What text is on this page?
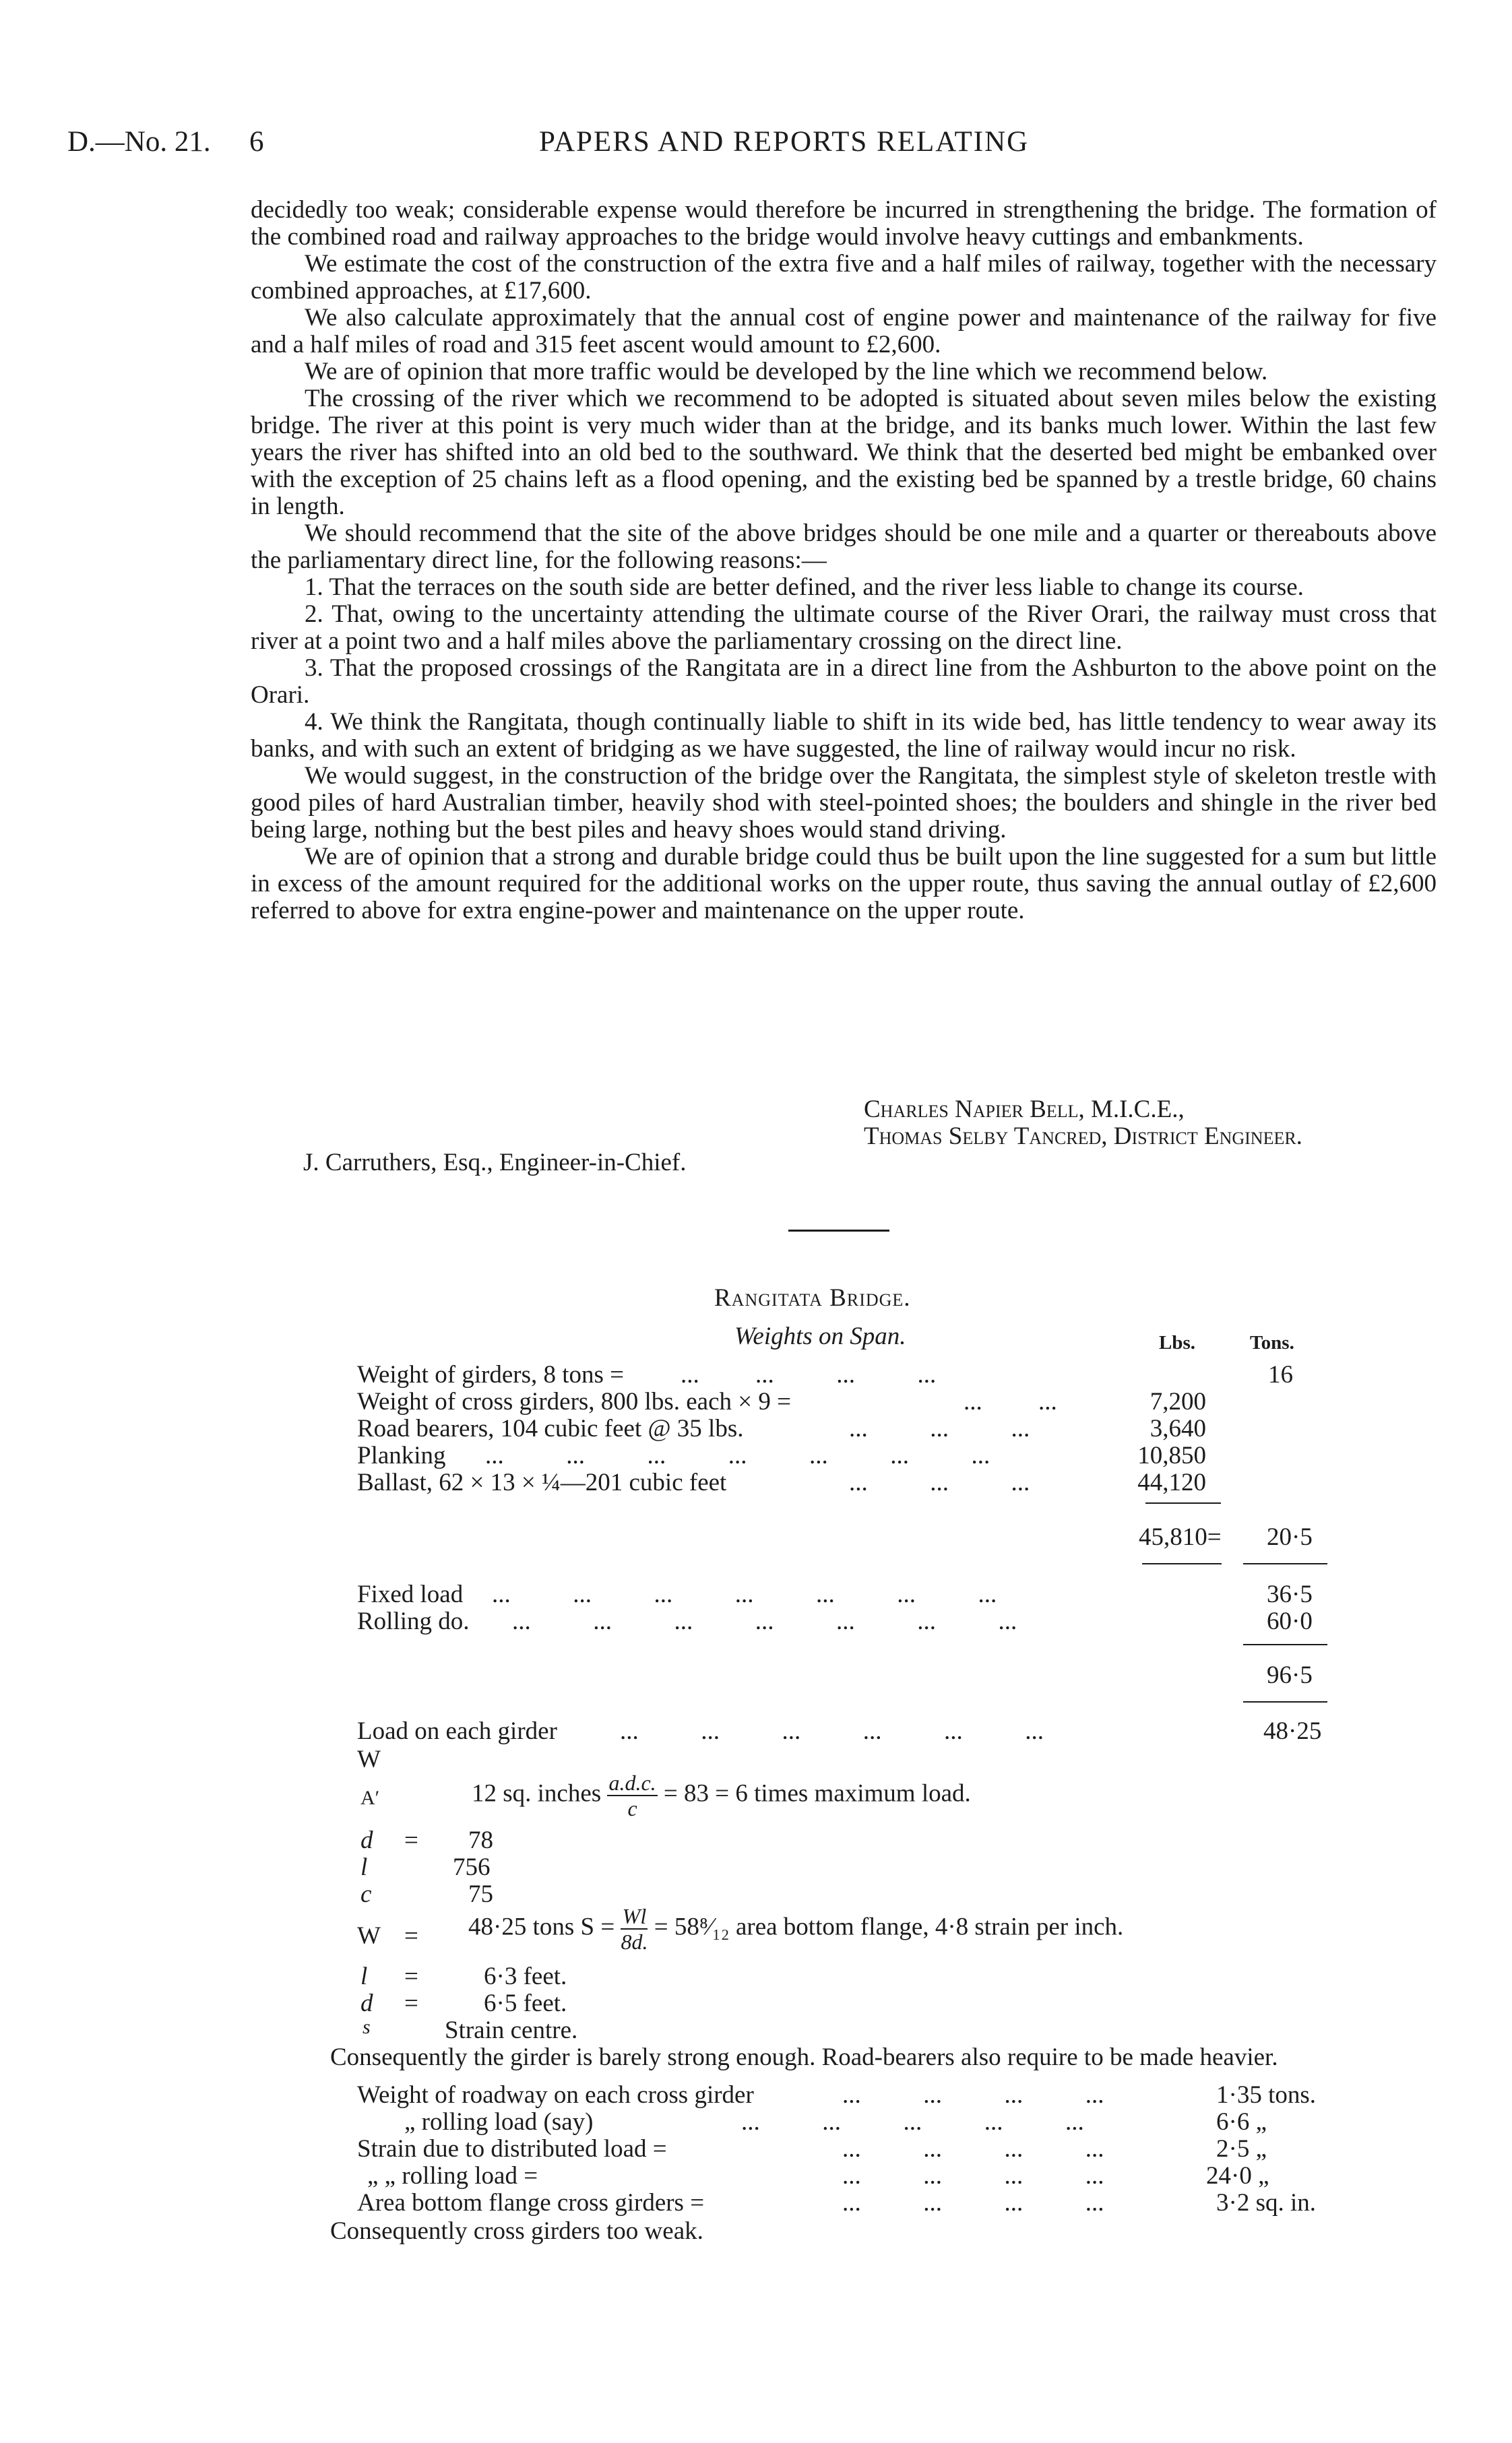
D.—No. 21. 6	PAPERS AND REPORTS RELATING

decidedly too weak; considerable expense would therefore be incurred in strengthening the bridge. The formation of the combined road and railway approaches to the bridge would involve heavy cuttings and embankments.

We estimate the cost of the construction of the extra five and a half miles of railway, together with the necessary combined approaches, at £17,600.

We also calculate approximately that the annual cost of engine power and maintenance of the railway for five and a half miles of road and 315 feet ascent would amount to £2,600.

We are of opinion that more traffic would be developed by the line which we recommend below.

The crossing of the river which we recommend to be adopted is situated about seven miles below the existing bridge. The river at this point is very much wider than at the bridge, and its banks much lower. Within the last few years the river has shifted into an old bed to the southward. We think that the deserted bed might be embanked over with the exception of 25 chains left as a flood opening, and the existing bed be spanned by a trestle bridge, 60 chains in length.

We should recommend that the site of the above bridges should be one mile and a quarter or thereabouts above the parliamentary direct line, for the following reasons:—

1. That the terraces on the south side are better defined, and the river less liable to change its course.

2. That, owing to the uncertainty attending the ultimate course of the River Orari, the railway must cross that river at a point two and a half miles above the parliamentary crossing on the direct line.

3. That the proposed crossings of the Rangitata are in a direct line from the Ashburton to the above point on the Orari.

4. We think the Rangitata, though continually liable to shift in its wide bed, has little tendency to wear away its banks, and with such an extent of bridging as we have suggested, the line of railway would incur no risk.

We would suggest, in the construction of the bridge over the Rangitata, the simplest style of skeleton trestle with good piles of hard Australian timber, heavily shod with steel-pointed shoes; the boulders and shingle in the river bed being large, nothing but the best piles and heavy shoes would stand driving.

We are of opinion that a strong and durable bridge could thus be built upon the line suggested for a sum but little in excess of the amount required for the additional works on the upper route, thus saving the annual outlay of £2,600 referred to above for extra engine-power and maintenance on the upper route.

Charles Napier Bell, M.I.C.E.,
Thomas Selby Tancred, District Engineer.
J. Carruthers, Esq., Engineer-in-Chief.
Rangitata Bridge.
Weights on Span.	Lbs.	Tons.
Weight of girders, 8 tons = ...         ...          ...          ...	16
Weight of cross girders, 800 lbs. each × 9 =	...         ...	7,200
Road bearers, 104 cubic feet @ 35 lbs.	...          ...          ...	3,640
Planking ...          ...          ...          ...          ...          ...          ...	10,850
Ballast, 62 × 13 × ¼—201 cubic feet	...          ...          ...	44,120
45,810= 20·5
Fixed load ...          ...          ...          ...          ...          ...          ...	36·5
Rolling do. ...          ...          ...          ...          ...          ...          ...	60·0
96·5
Load on each girder	...          ...          ...          ...          ...          ...	48·25
W
A′	12 sq. inches $\frac{a.d.c.}{c} = 83 = 6$ times maximum load.
d = 78
l	756
c	75
W = 48·25 tons $S = \frac{Wl}{8d.}$ = 58⁸⁄₁₂ area bottom flange, 4·8 strain per inch.
l =	6·3 feet.
d =	6·5 feet.
s	Strain centre.
Consequently the girder is barely strong enough. Road-bearers also require to be made heavier.
Weight of roadway on each cross girder	...          ...          ...          ...	1·35 tons.
„ rolling load (say)	...          ...          ...          ...          ...	6·6 „
Strain due to distributed load =	...          ...          ...          ...	2·5 „
„ „ rolling load =	...          ...          ...          ...	24·0 „
Area bottom flange cross girders =	...          ...          ...          ...	3·2 sq. in.
Consequently cross girders too weak.
